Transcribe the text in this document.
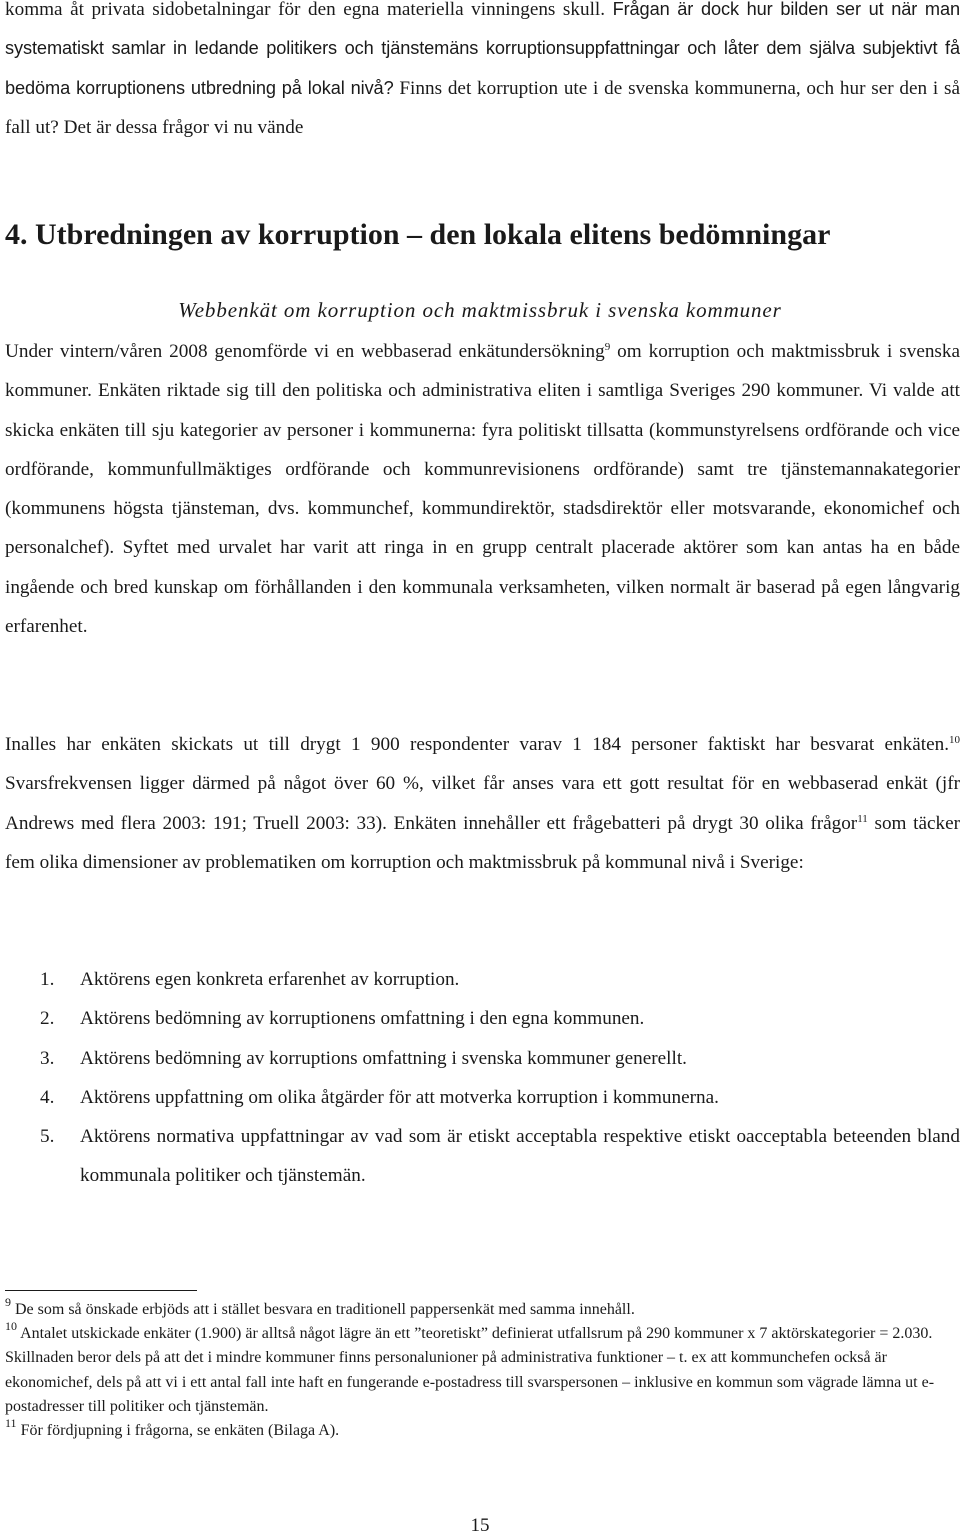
komma åt privata sidobetalningar för den egna materiella vinningens skull. Frågan är dock hur bilden ser ut när man systematiskt samlar in ledande politikers och tjänstemäns korruptionsuppfattningar och låter dem själva subjektivt få bedöma korruptionens utbredning på lokal nivå? Finns det korruption ute i de svenska kommunerna, och hur ser den i så fall ut? Det är dessa frågor vi nu vände

4. Utbredningen av korruption – den lokala elitens bedömningar

Webbenkät om korruption och maktmissbruk i svenska kommuner

Under vintern/våren 2008 genomförde vi en webbaserad enkätundersökning$^9$ om korruption och maktmissbruk i svenska kommuner. Enkäten riktade sig till den politiska och administrativa eliten i samtliga Sveriges 290 kommuner. Vi valde att skicka enkäten till sju kategorier av personer i kommunerna: fyra politiskt tillsatta (kommunstyrelsens ordförande och vice ordförande, kommunfullmäktiges ordförande och kommunrevisionens ordförande) samt tre tjänstemannakategorier (kommunens högsta tjänsteman, dvs. kommunchef, kommundirektör, stadsdirektör eller motsvarande, ekonomichef och personalchef). Syftet med urvalet har varit att ringa in en grupp centralt placerade aktörer som kan antas ha en både ingående och bred kunskap om förhållanden i den kommunala verksamheten, vilken normalt är baserad på egen långvarig erfarenhet.

Inalles har enkäten skickats ut till drygt 1 900 respondenter varav 1 184 personer faktiskt har besvarat enkäten.$^{10}$ Svarsfrekvensen ligger därmed på något över 60 %, vilket får anses vara ett gott resultat för en webbaserad enkät (jfr Andrews med flera 2003: 191; Truell 2003: 33). Enkäten innehåller ett frågebatteri på drygt 30 olika frågor$^{11}$ som täcker fem olika dimensioner av problematiken om korruption och maktmissbruk på kommunal nivå i Sverige:

1. Aktörens egen konkreta erfarenhet av korruption.
2. Aktörens bedömning av korruptionens omfattning i den egna kommunen.
3. Aktörens bedömning av korruptions omfattning i svenska kommuner generellt.
4. Aktörens uppfattning om olika åtgärder för att motverka korruption i kommunerna.
5. Aktörens normativa uppfattningar av vad som är etiskt acceptabla respektive etiskt oacceptabla beteenden bland kommunala politiker och tjänstemän.

$^9$ De som så önskade erbjöds att i stället besvara en traditionell pappersenkät med samma innehåll.

$^{10}$ Antalet utskickade enkäter (1.900) är alltså något lägre än ett ”teoretiskt” definierat utfallsrum på 290 kommuner x 7 aktörskategorier = 2.030. Skillnaden beror dels på att det i mindre kommuner finns personalunioner på administrativa funktioner – t. ex att kommunchefen också är ekonomichef, dels på att vi i ett antal fall inte haft en fungerande e-postadress till svarspersonen – inklusive en kommun som vägrade lämna ut e-postadresser till politiker och tjänstemän.

$^{11}$ För fördjupning i frågorna, se enkäten (Bilaga A).

15
